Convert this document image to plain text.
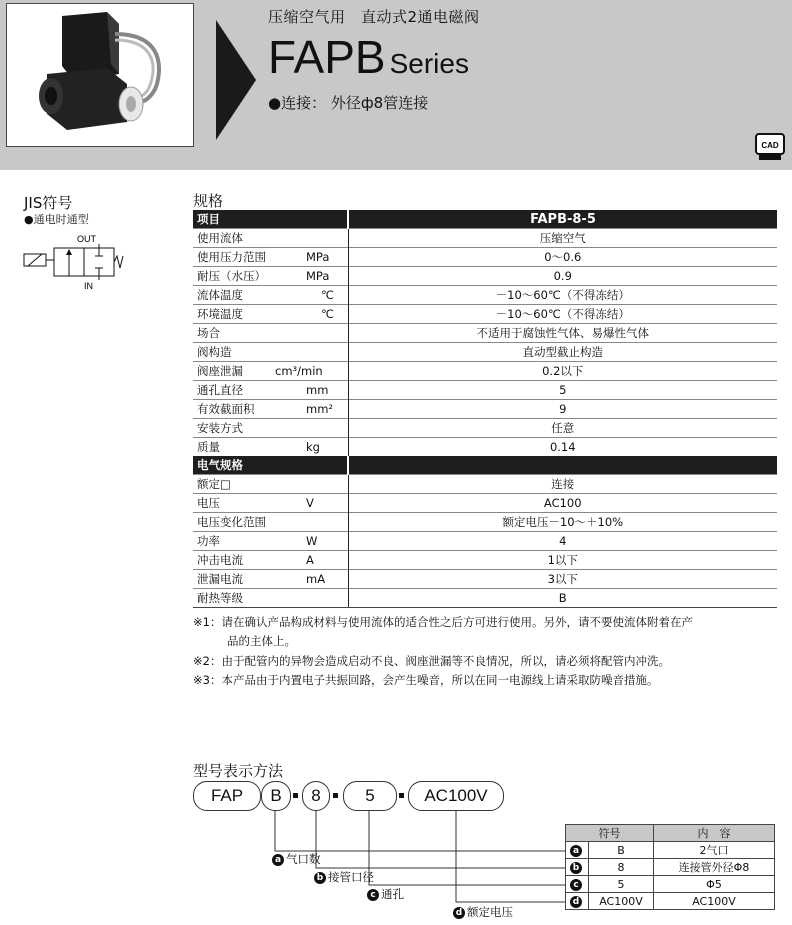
压缩空气用　直动式2通电磁阀
FAPB Series
●连接： 外径ф8管连接
CAD
JIS符号
●通电时通型
OUT
IN
规格
项目	FAPB-8-5
使用流体	压缩空气
使用压力范围 MPa	0～0.6
耐压（水压） MPa	0.9
流体温度 ℃	－10～60℃（不得冻结）
环境温度 ℃	－10～60℃（不得冻结）
场合	不适用于腐蚀性气体、易爆性气体
阀构造	直动型截止构造
阀座泄漏 cm³/min	0.2以下
通孔直径 mm	5
有效截面积 mm²	9
安装方式	任意
质量 kg	0.14
电气规格	
额定□	连接
电压 V	AC100
电压变化范围	额定电压－10～＋10%
功率 W	4
冲击电流 A	1以下
泄漏电流 mA	3以下
耐热等级	B
※1：请在确认产品构成材料与使用流体的适合性之后方可进行使用。另外，请不要使流体附着在产
品的主体上。
※2：由于配管内的异物会造成启动不良、阀座泄漏等不良情况，所以，请必须将配管内冲洗。
※3：本产品由于内置电子共振回路，会产生噪音，所以在同一电源线上请采取防噪音措施。
型号表示方法
FAP	B	8	5	AC100V
a 气口数
b 接管口径
c 通孔
d 额定电压
符号		内　容
a	B	2气口
b	8	连接管外径Φ8
c	5	Φ5
d	AC100V	AC100V
